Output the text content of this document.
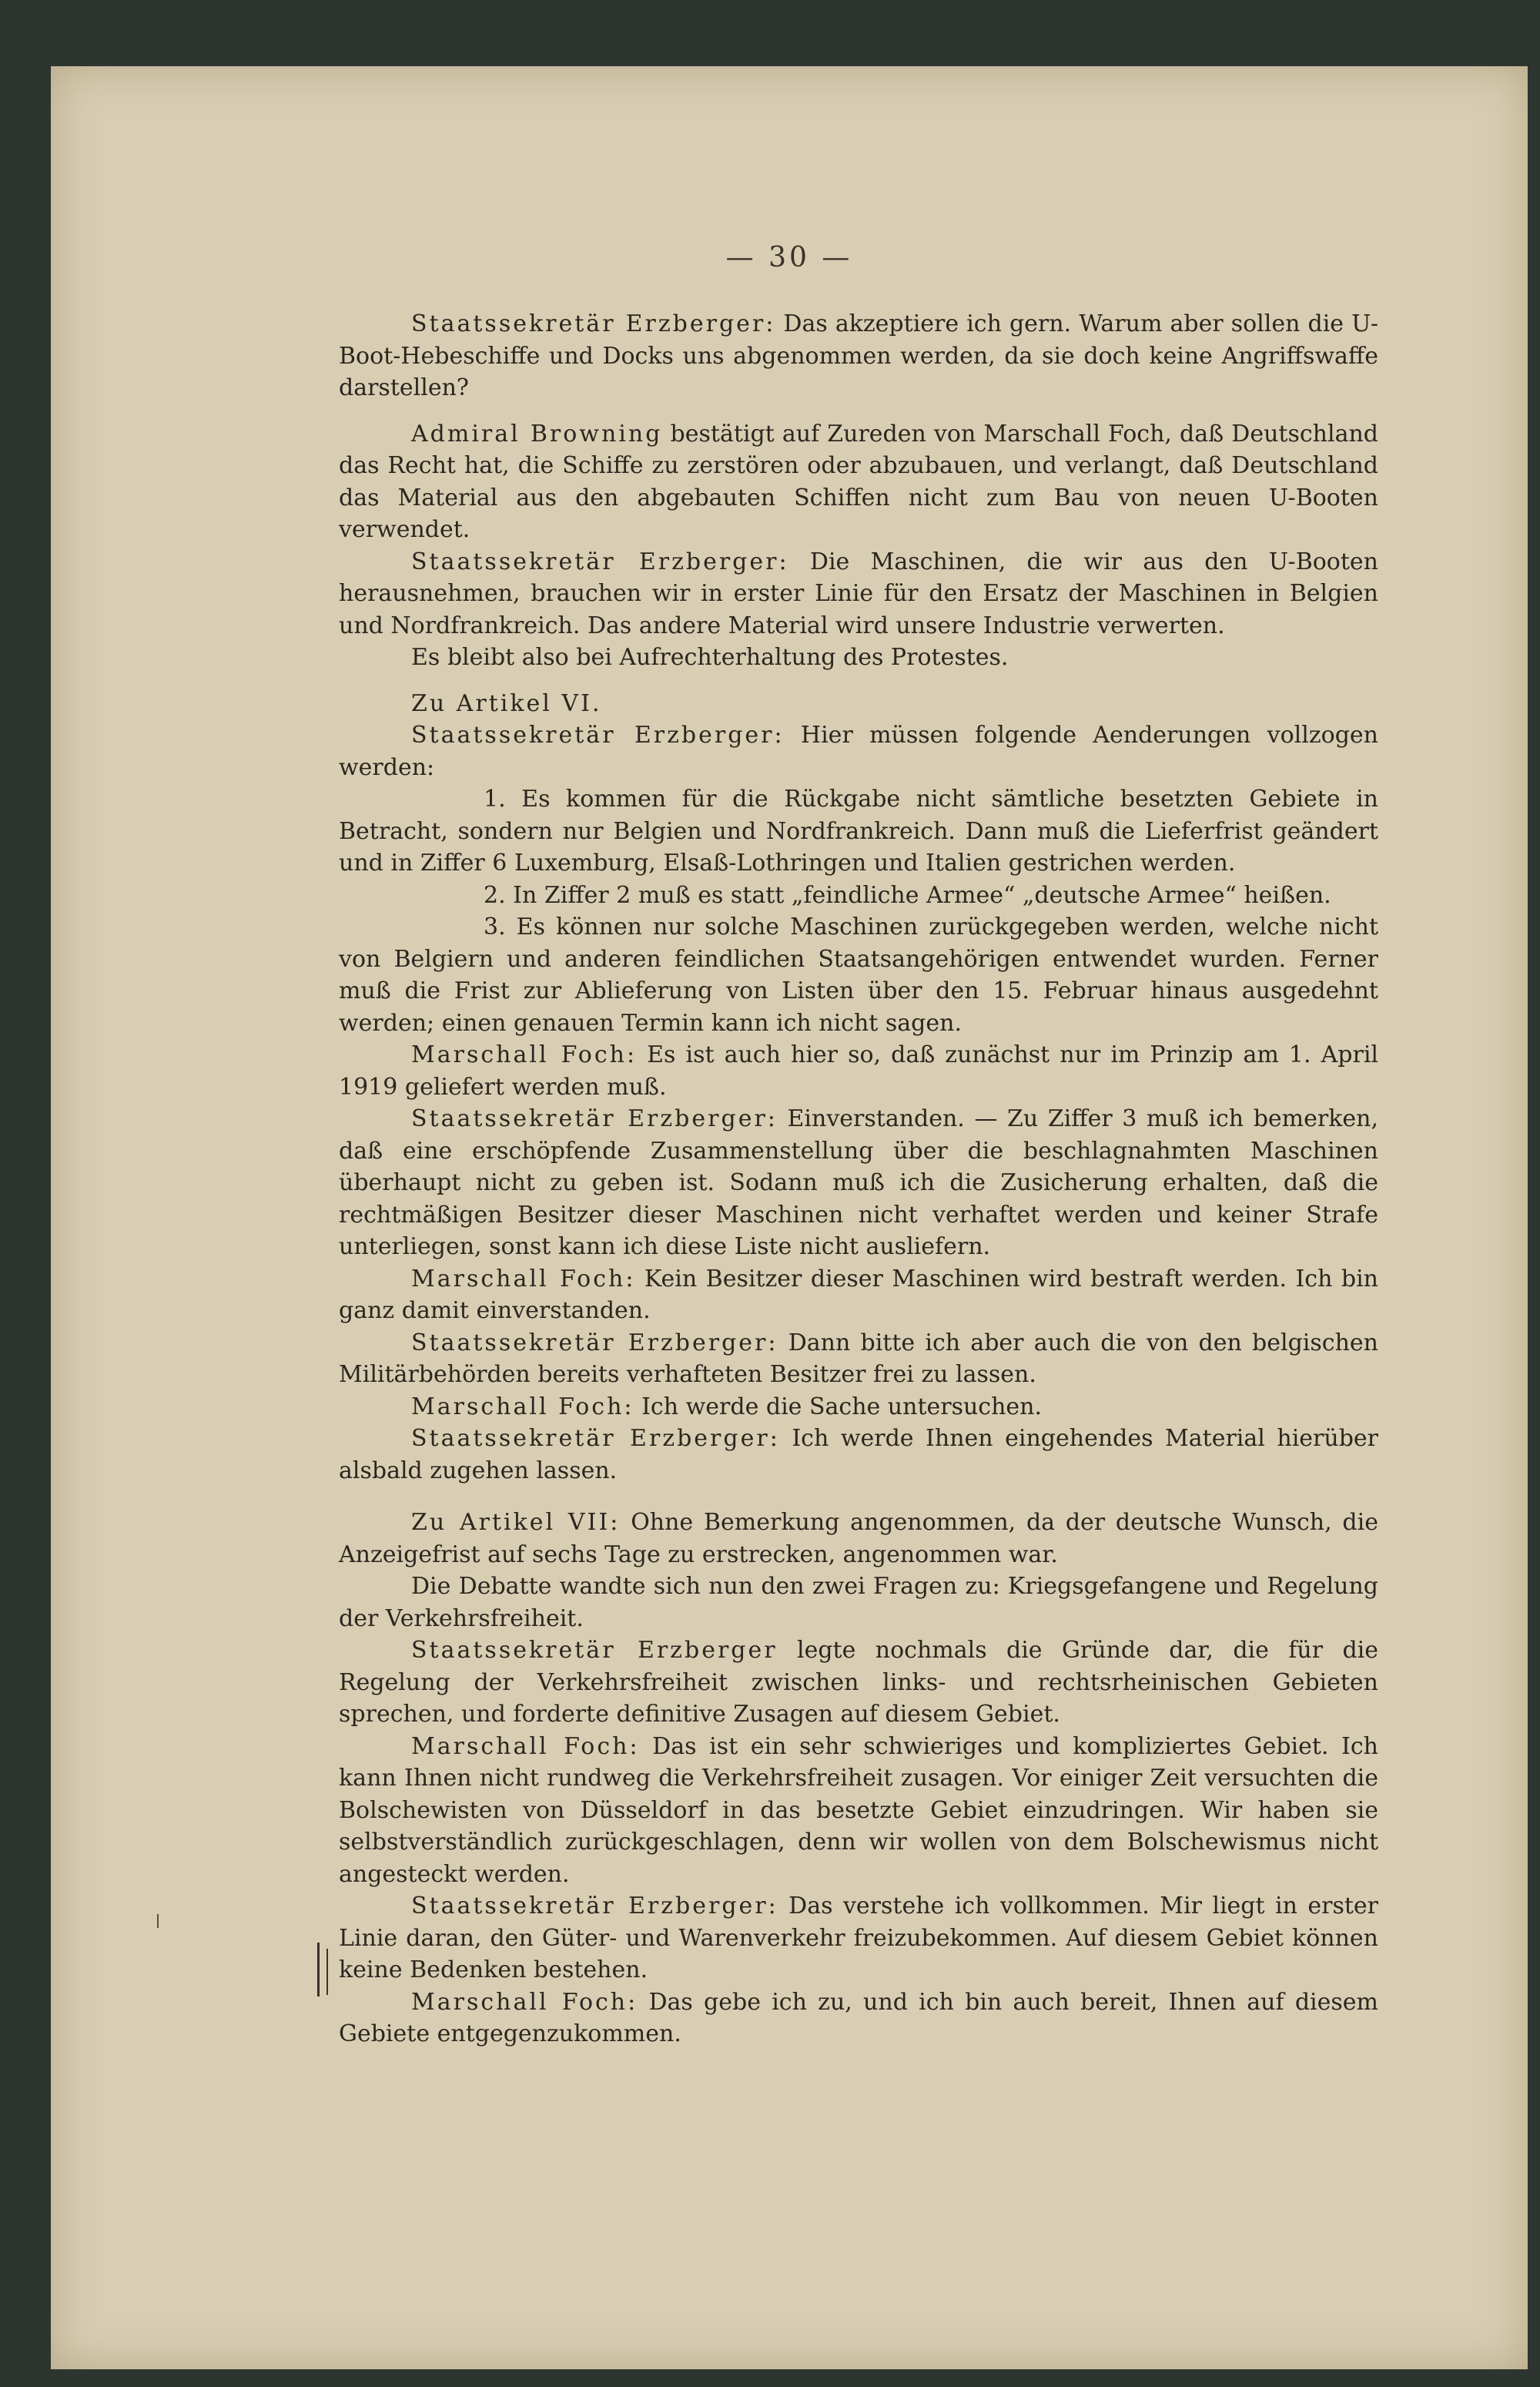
— 30 —

Staatssekretär Erzberger: Das akzeptiere ich gern. Warum aber sollen die U-Boot-Hebeschiffe und Docks uns abgenommen werden, da sie doch keine Angriffswaffe darstellen?

Admiral Browning bestätigt auf Zureden von Marschall Foch, daß Deutschland das Recht hat, die Schiffe zu zerstören oder abzubauen, und verlangt, daß Deutschland das Material aus den abgebauten Schiffen nicht zum Bau von neuen U-Booten verwendet.

Staatssekretär Erzberger: Die Maschinen, die wir aus den U-Booten herausnehmen, brauchen wir in erster Linie für den Ersatz der Maschinen in Belgien und Nordfrankreich. Das andere Material wird unsere Industrie verwerten.

Es bleibt also bei Aufrechterhaltung des Protestes.

Zu Artikel VI.

Staatssekretär Erzberger: Hier müssen folgende Aenderungen vollzogen werden:

1. Es kommen für die Rückgabe nicht sämtliche besetzten Gebiete in Betracht, sondern nur Belgien und Nordfrankreich. Dann muß die Lieferfrist geändert und in Ziffer 6 Luxemburg, Elsaß-Lothringen und Italien gestrichen werden.

2. In Ziffer 2 muß es statt „feindliche Armee“ „deutsche Armee“ heißen.

3. Es können nur solche Maschinen zurückgegeben werden, welche nicht von Belgiern und anderen feindlichen Staatsangehörigen entwendet wurden. Ferner muß die Frist zur Ablieferung von Listen über den 15. Februar hinaus ausgedehnt werden; einen genauen Termin kann ich nicht sagen.

Marschall Foch: Es ist auch hier so, daß zunächst nur im Prinzip am 1. April 1919 geliefert werden muß.

Staatssekretär Erzberger: Einverstanden. — Zu Ziffer 3 muß ich bemerken, daß eine erschöpfende Zusammenstellung über die beschlagnahmten Maschinen überhaupt nicht zu geben ist. Sodann muß ich die Zusicherung erhalten, daß die rechtmäßigen Besitzer dieser Maschinen nicht verhaftet werden und keiner Strafe unterliegen, sonst kann ich diese Liste nicht ausliefern.

Marschall Foch: Kein Besitzer dieser Maschinen wird bestraft werden. Ich bin ganz damit einverstanden.

Staatssekretär Erzberger: Dann bitte ich aber auch die von den belgischen Militärbehörden bereits verhafteten Besitzer frei zu lassen.

Marschall Foch: Ich werde die Sache untersuchen.

Staatssekretär Erzberger: Ich werde Ihnen eingehendes Material hierüber alsbald zugehen lassen.

Zu Artikel VII: Ohne Bemerkung angenommen, da der deutsche Wunsch, die Anzeigefrist auf sechs Tage zu erstrecken, angenommen war.

Die Debatte wandte sich nun den zwei Fragen zu: Kriegsgefangene und Regelung der Verkehrsfreiheit.

Staatssekretär Erzberger legte nochmals die Gründe dar, die für die Regelung der Verkehrsfreiheit zwischen links- und rechtsrheinischen Gebieten sprechen, und forderte definitive Zusagen auf diesem Gebiet.

Marschall Foch: Das ist ein sehr schwieriges und kompliziertes Gebiet. Ich kann Ihnen nicht rundweg die Verkehrsfreiheit zusagen. Vor einiger Zeit versuchten die Bolschewisten von Düsseldorf in das besetzte Gebiet einzudringen. Wir haben sie selbstverständlich zurückgeschlagen, denn wir wollen von dem Bolschewismus nicht angesteckt werden.

Staatssekretär Erzberger: Das verstehe ich vollkommen. Mir liegt in erster Linie daran, den Güter- und Warenverkehr freizubekommen. Auf diesem Gebiet können keine Bedenken bestehen.

Marschall Foch: Das gebe ich zu, und ich bin auch bereit, Ihnen auf diesem Gebiete entgegenzukommen.
